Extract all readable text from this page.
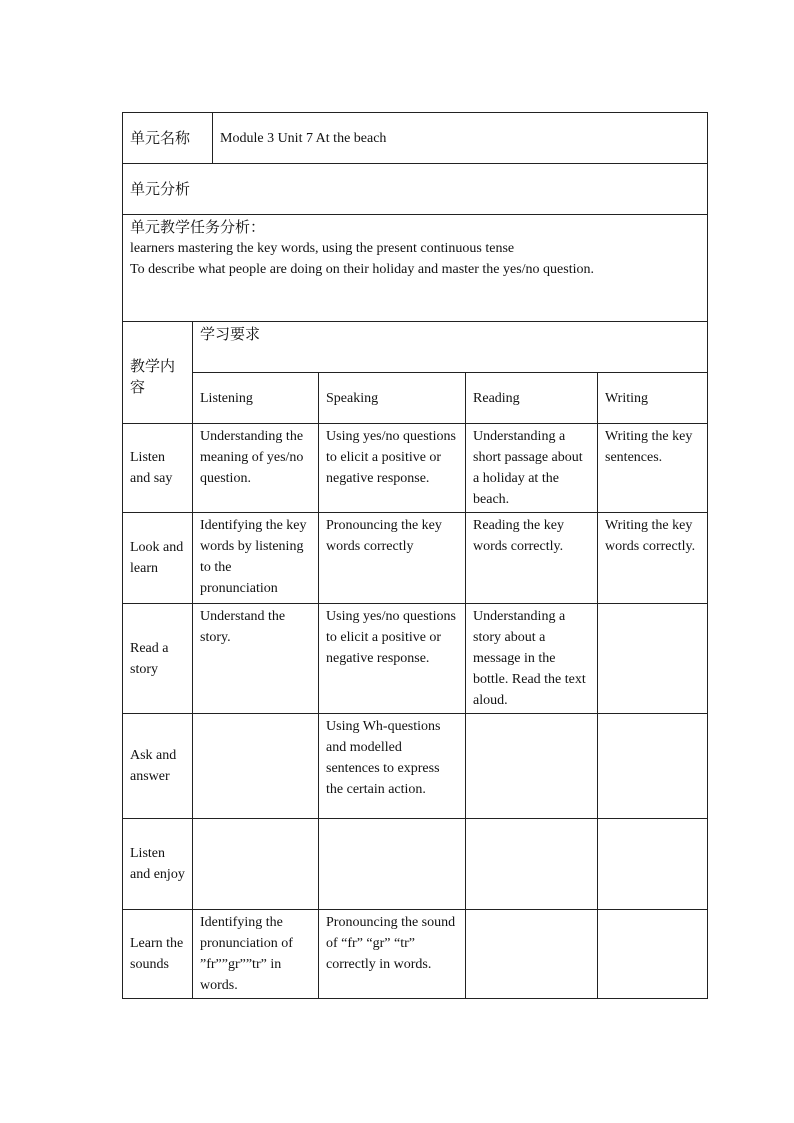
单元名称		Module 3 Unit 7 At the beach			
单元分析					

单元教学任务分析：
learners mastering the key words, using the present continuous tense
To describe what people are doing on their holiday and master the yes/no question.					

教学内容	学习要求				
	Listening		Speaking	Reading	Writing
Listen and say	Understanding the meaning of yes/no question.		Using yes/no questions to elicit a positive or negative response.	Understanding a short passage about a holiday at the beach.	Writing the key sentences.
Look and learn	Identifying the key words by listening to the pronunciation		Pronouncing the key words correctly	Reading the key words correctly.	Writing the key words correctly.
Read a story	Understand the story.		Using yes/no questions to elicit a positive or negative response.	Understanding a story about a message in the bottle. Read the text aloud.	
Ask and answer			Using Wh-questions and modelled sentences to express the certain action.		
Listen and enjoy					
Learn the sounds	Identifying the pronunciation of ”fr””gr””tr” in words.		Pronouncing the sound of “fr” “gr” “tr” correctly in words.		
